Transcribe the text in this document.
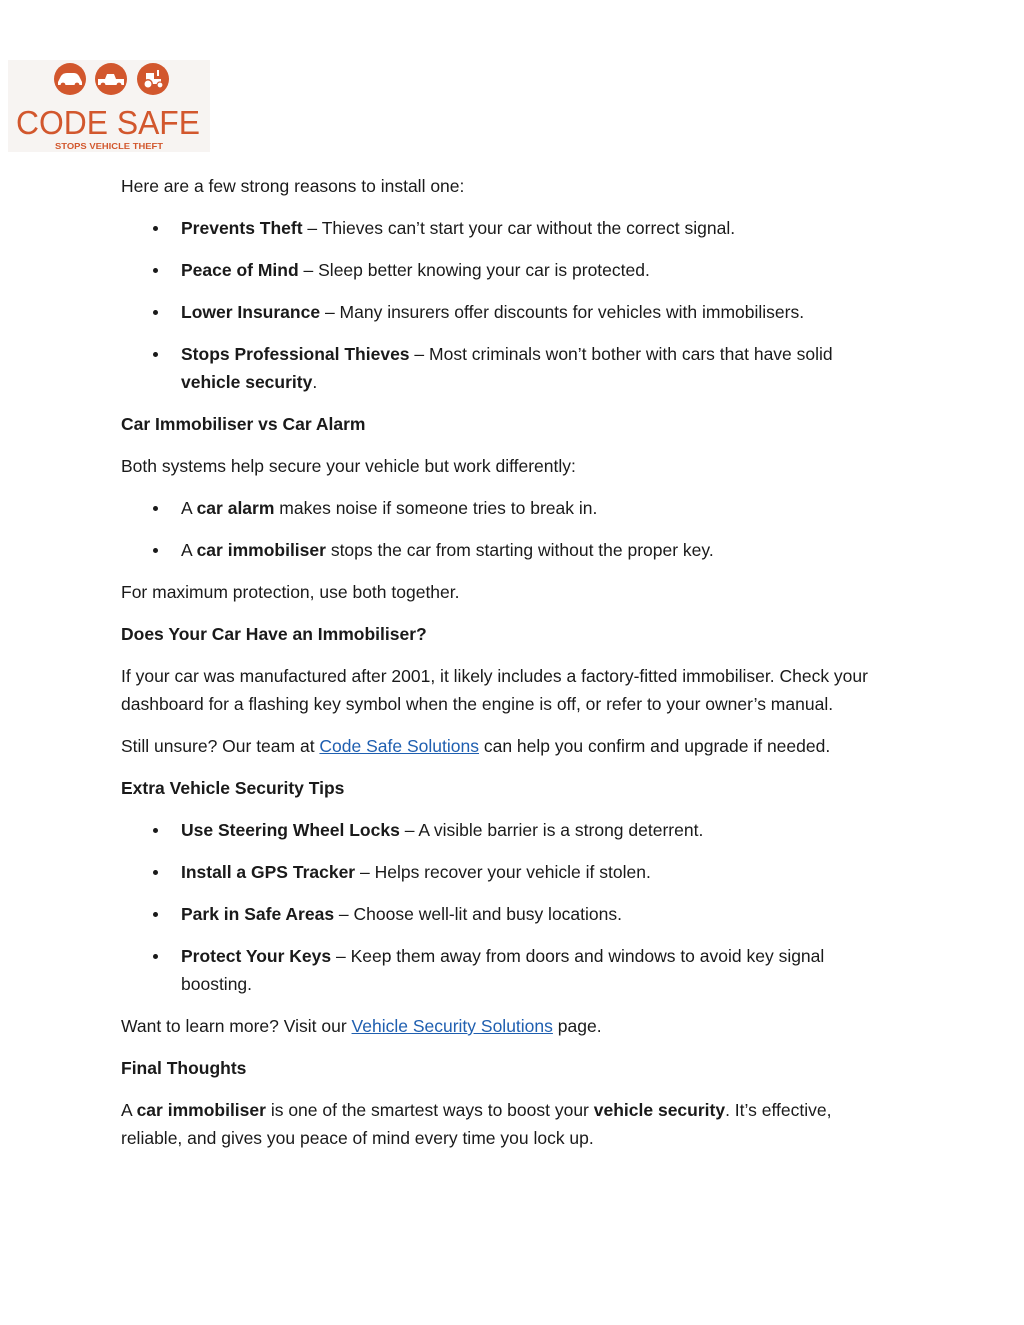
CODE SAFE
STOPS VEHICLE THEFT

Here are a few strong reasons to install one:

Prevents Theft – Thieves can’t start your car without the correct signal.
Peace of Mind – Sleep better knowing your car is protected.
Lower Insurance – Many insurers offer discounts for vehicles with immobilisers.
Stops Professional Thieves – Most criminals won’t bother with cars that have solid vehicle security.
Car Immobiliser vs Car Alarm

Both systems help secure your vehicle but work differently:

A car alarm makes noise if someone tries to break in.
A car immobiliser stops the car from starting without the proper key.

For maximum protection, use both together.

Does Your Car Have an Immobiliser?

If your car was manufactured after 2001, it likely includes a factory-fitted immobiliser. Check your dashboard for a flashing key symbol when the engine is off, or refer to your owner’s manual.

Still unsure? Our team at Code Safe Solutions can help you confirm and upgrade if needed.

Extra Vehicle Security Tips
Use Steering Wheel Locks – A visible barrier is a strong deterrent.
Install a GPS Tracker – Helps recover your vehicle if stolen.
Park in Safe Areas – Choose well-lit and busy locations.
Protect Your Keys – Keep them away from doors and windows to avoid key signal boosting.

Want to learn more? Visit our Vehicle Security Solutions page.

Final Thoughts

A car immobiliser is one of the smartest ways to boost your vehicle security. It’s effective, reliable, and gives you peace of mind every time you lock up.
